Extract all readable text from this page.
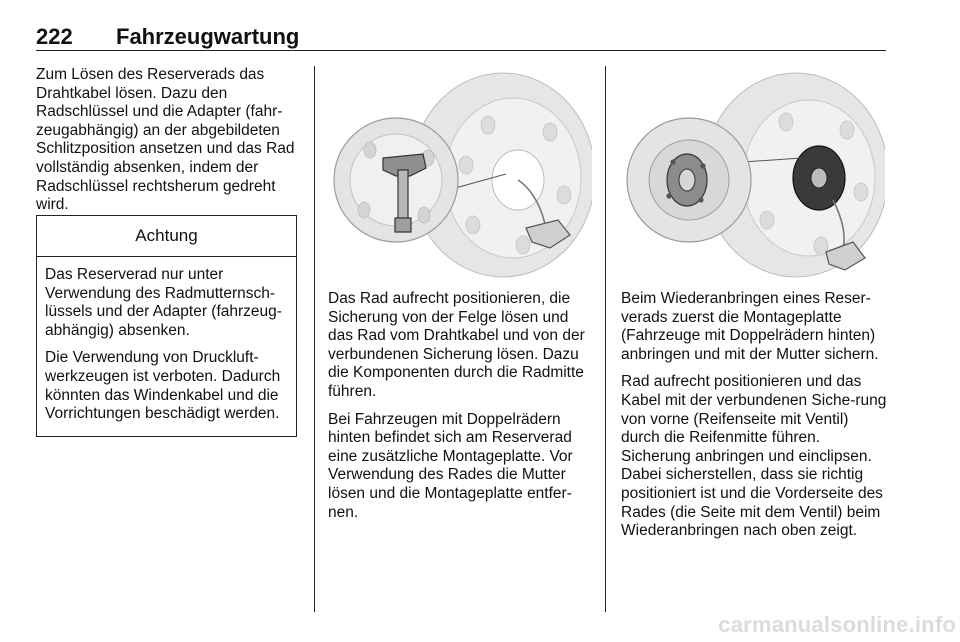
222 Fahrzeugwartung

Zum Lösen des Reserverads das Drahtkabel lösen. Dazu den Radschlüssel und die Adapter (fahr-zeugabhängig) an der abgebildeten Schlitzposition ansetzen und das Rad vollständig absenken, indem der Radschlüssel rechtsherum gedreht wird.

Achtung

Das Reserverad nur unter Verwendung des Radmutternsch-lüssels und der Adapter (fahrzeug-abhängig) absenken.

Die Verwendung von Druckluft-werkzeugen ist verboten. Dadurch könnten das Windenkabel und die Vorrichtungen beschädigt werden.

Das Rad aufrecht positionieren, die Sicherung von der Felge lösen und das Rad vom Drahtkabel und von der verbundenen Sicherung lösen. Dazu die Komponenten durch die Radmitte führen.

Bei Fahrzeugen mit Doppelrädern hinten befindet sich am Reserverad eine zusätzliche Montageplatte. Vor Verwendung des Rades die Mutter lösen und die Montageplatte entfer-nen.

Beim Wiederanbringen eines Reser-verads zuerst die Montageplatte (Fahrzeuge mit Doppelrädern hinten) anbringen und mit der Mutter sichern.

Rad aufrecht positionieren und das Kabel mit der verbundenen Siche-rung von vorne (Reifenseite mit Ventil) durch die Reifenmitte führen. Sicherung anbringen und einclipsen. Dabei sicherstellen, dass sie richtig positioniert ist und die Vorderseite des Rades (die Seite mit dem Ventil) beim Wiederanbringen nach oben zeigt.

carmanualsonline.info
